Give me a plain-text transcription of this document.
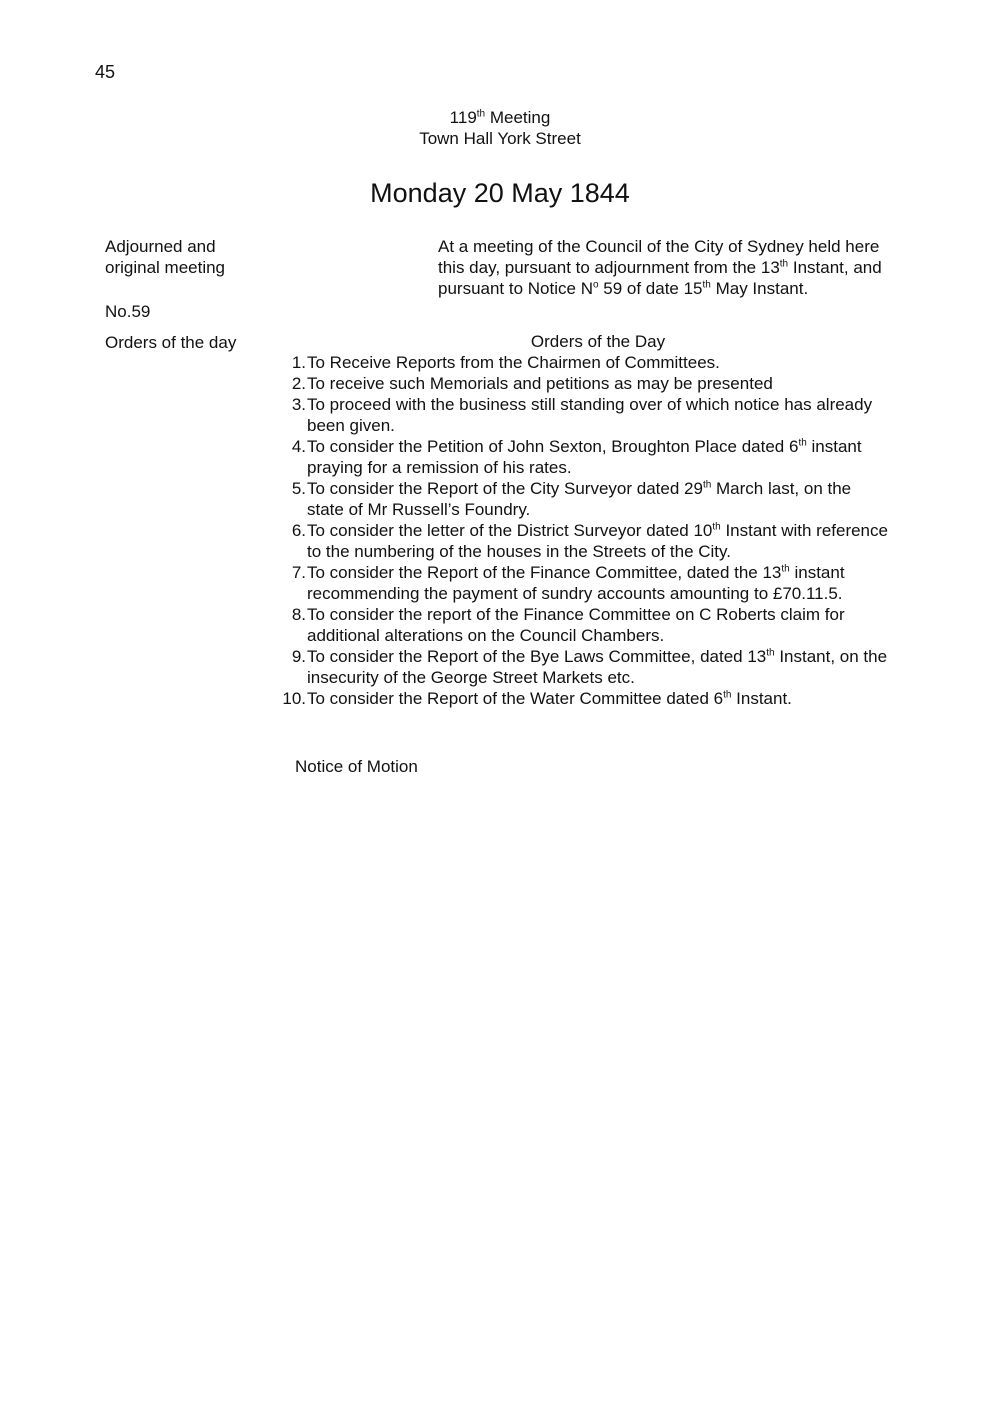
45
119th Meeting
Town Hall York Street
Monday 20 May 1844
Adjourned and
original meeting
No.59
Orders of the day
At a meeting of the Council of the City of Sydney held here this day, pursuant to adjournment from the 13th Instant, and pursuant to Notice $N^o$ 59 of date 15th May Instant.
Orders of the Day
1. To Receive Reports from the Chairmen of Committees.
2. To receive such Memorials and petitions as may be presented
3. To proceed with the business still standing over of which notice has already been given.
4. To consider the Petition of John Sexton, Broughton Place dated 6th instant praying for a remission of his rates.
5. To consider the Report of the City Surveyor dated 29th March last, on the state of Mr Russell’s Foundry.
6. To consider the letter of the District Surveyor dated 10th Instant with reference to the numbering of the houses in the Streets of the City.
7. To consider the Report of the Finance Committee, dated the 13th instant recommending the payment of sundry accounts amounting to £70.11.5.
8. To consider the report of the Finance Committee on C Roberts claim for additional alterations on the Council Chambers.
9. To consider the Report of the Bye Laws Committee, dated 13th Instant, on the insecurity of the George Street Markets etc.
10. To consider the Report of the Water Committee dated 6th Instant.
Notice of Motion
